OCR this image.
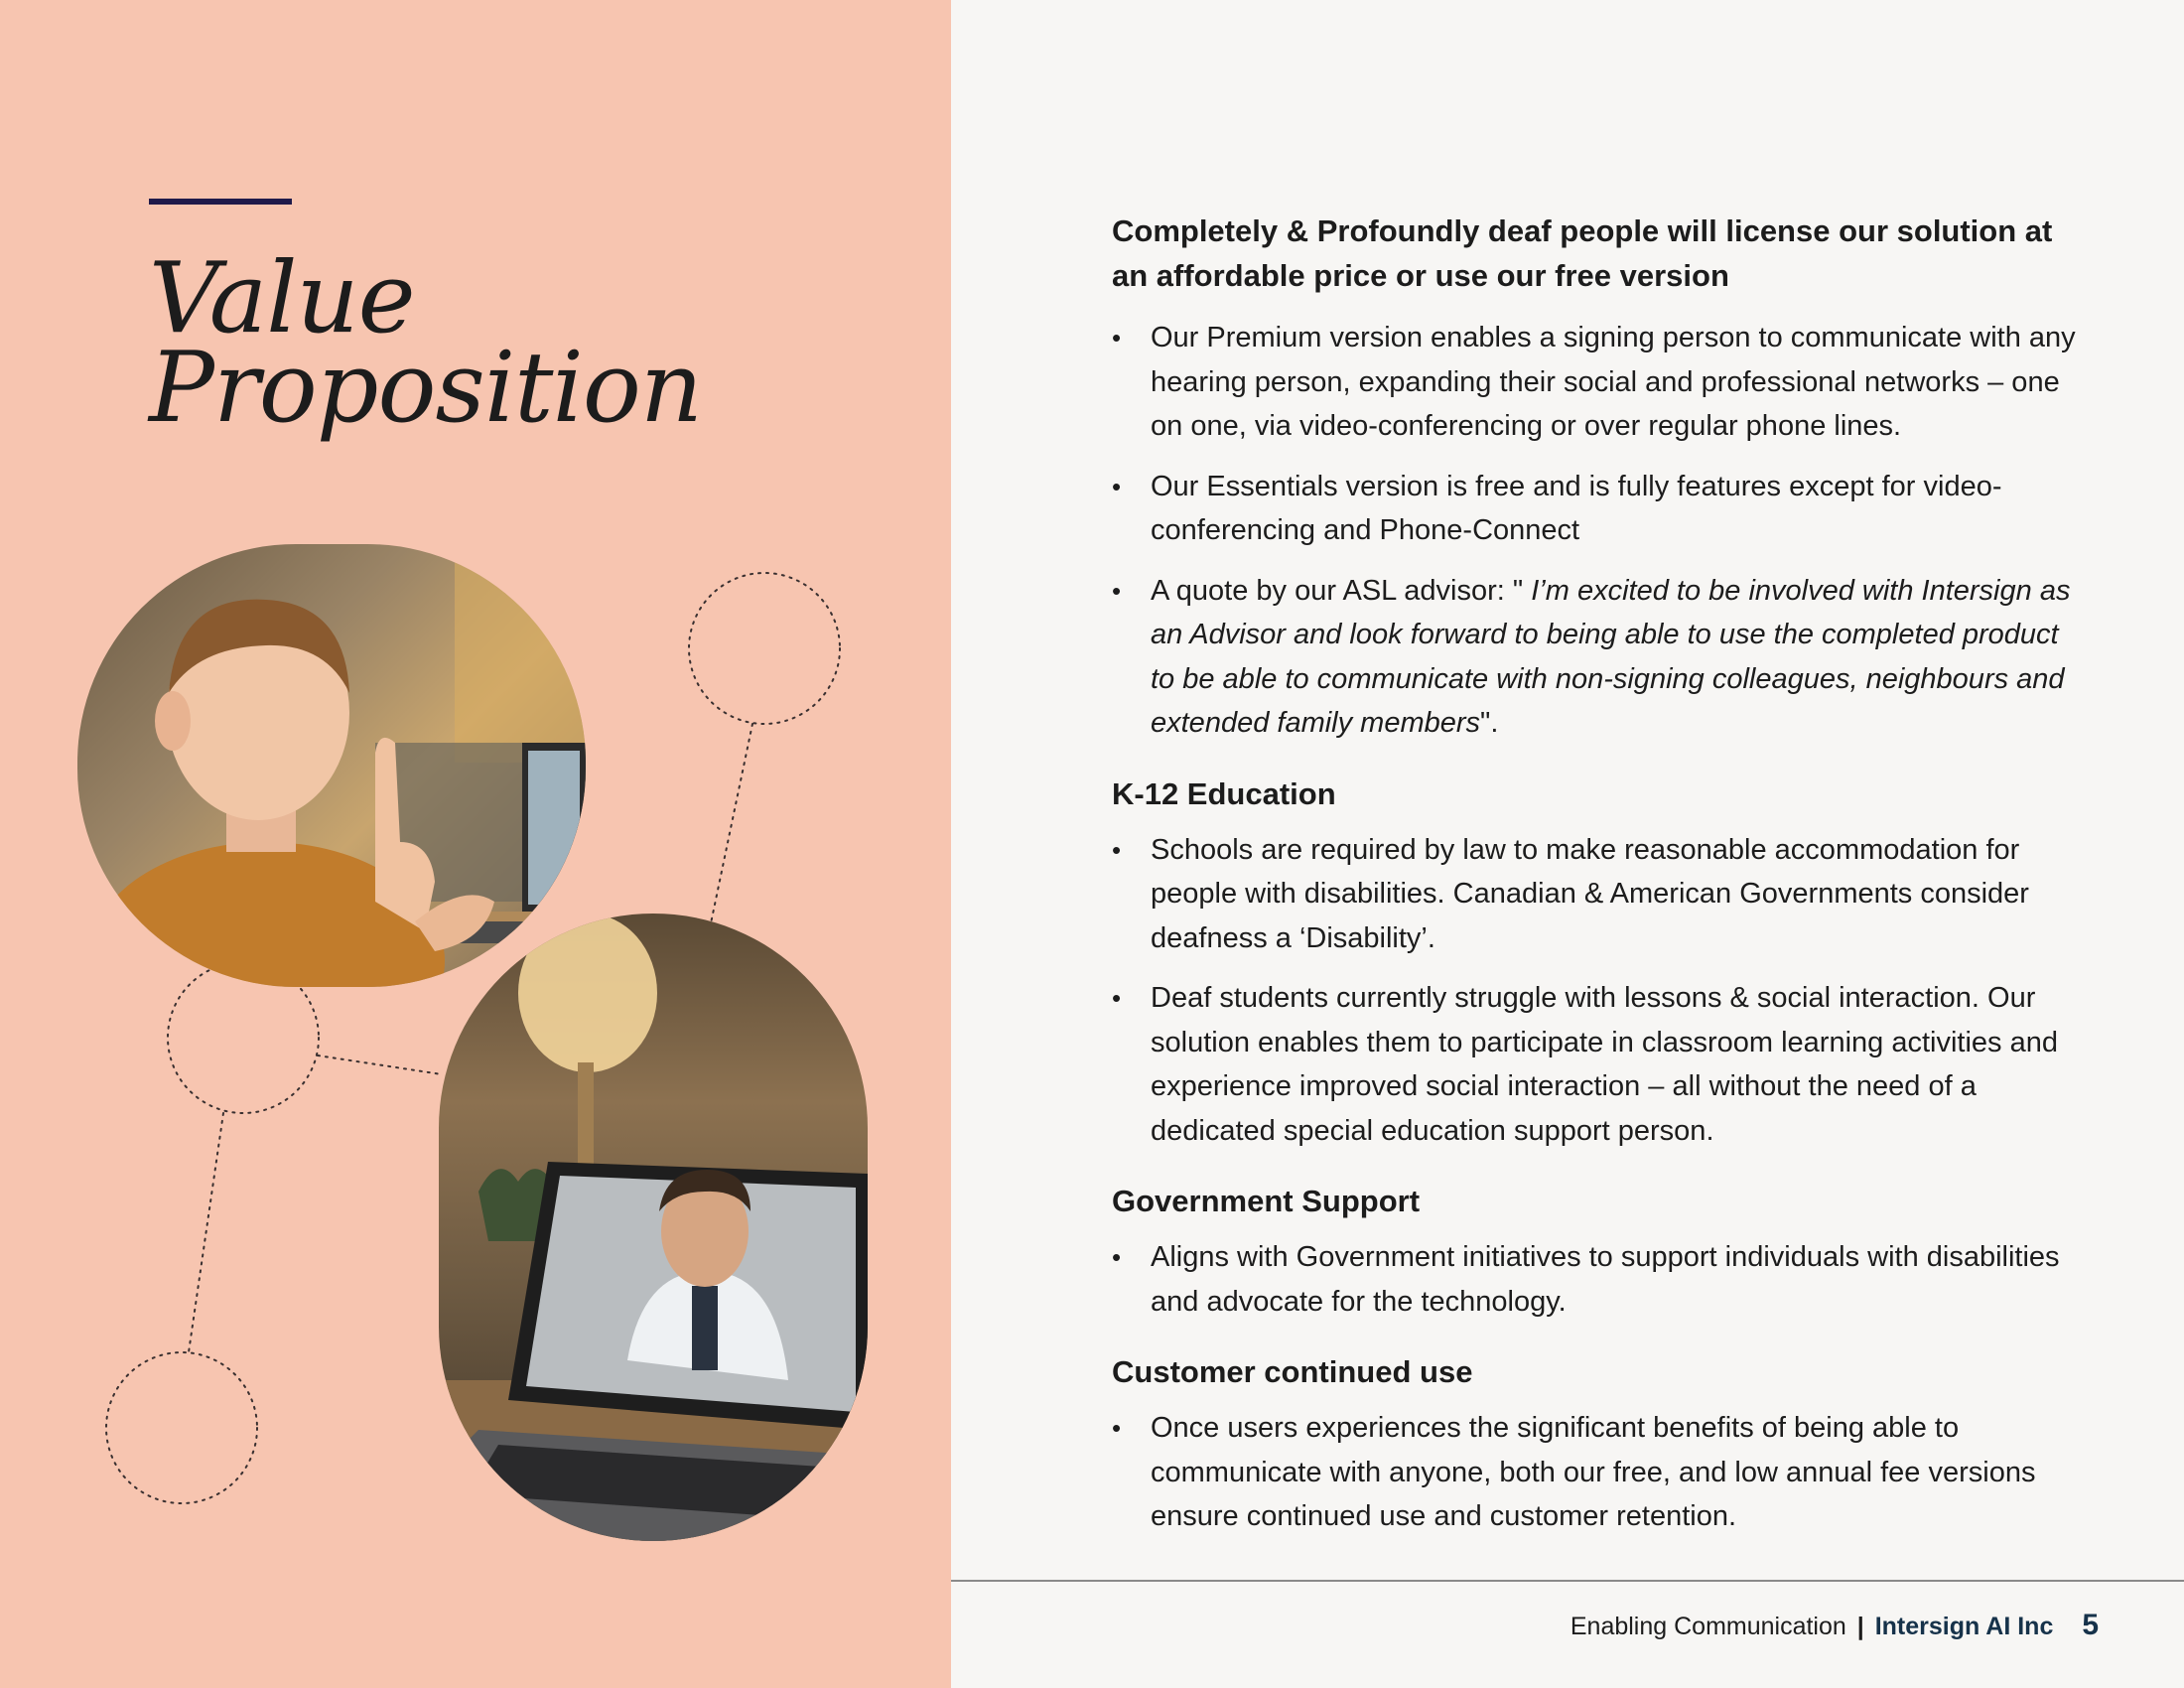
Value
Proposition

Completely & Profoundly deaf people will license our solution at an affordable price or use our free version

• Our Premium version enables a signing person to communicate with any hearing person, expanding their social and professional networks – one on one, via video-conferencing or over regular phone lines.
• Our Essentials version is free and is fully features except for video-conferencing and Phone-Connect
• A quote by our ASL advisor: " I’m excited to be involved with Intersign as an Advisor and look forward to being able to use the completed product to be able to communicate with non-signing colleagues, neighbours and extended family members".
K-12 Education
• Schools are required by law to make reasonable accommodation for people with disabilities. Canadian & American Governments consider deafness a ‘Disability’.
• Deaf students currently struggle with lessons & social interaction. Our solution enables them to participate in classroom learning activities and experience improved social interaction – all without the need of a dedicated special education support person.
Government Support
• Aligns with Government initiatives to support individuals with disabilities and advocate for the technology.
Customer continued use
• Once users experiences the significant benefits of being able to communicate with anyone, both our free, and low annual fee versions ensure continued use and customer retention.
Enabling Communication | Intersign AI Inc 5
